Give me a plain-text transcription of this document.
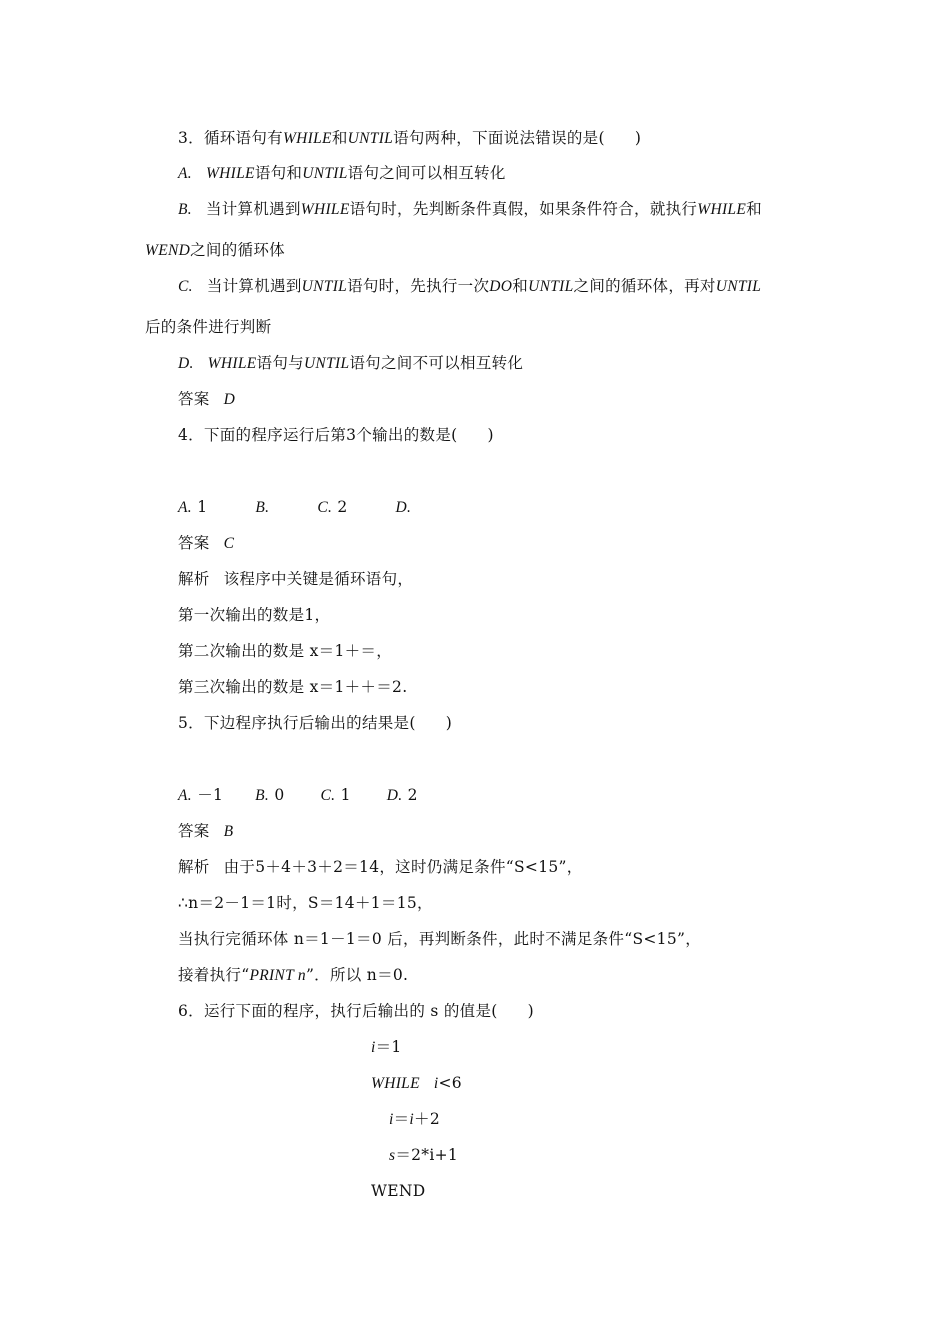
3．循环语句有WHILE和UNTIL语句两种，下面说法错误的是( )
A. WHILE语句和UNTIL语句之间可以相互转化
B. 当计算机遇到WHILE语句时，先判断条件真假，如果条件符合，就执行WHILE和
WEND之间的循环体
C. 当计算机遇到UNTIL语句时，先执行一次DO和UNTIL之间的循环体，再对UNTIL
后的条件进行判断
D. WHILE语句与UNTIL语句之间不可以相互转化
答案 D
4．下面的程序运行后第3个输出的数是( )
A. 1	B.	C. 2	D.
答案 C
解析 该程序中关键是循环语句，
第一次输出的数是1，
第二次输出的数是 x＝1＋＝，
第三次输出的数是 x＝1＋＋＝2.
5．下边程序执行后输出的结果是( )
A. －1 B. 0 C. 1 D. 2
答案 B
解析 由于5＋4＋3＋2＝14，这时仍满足条件“S<15”，
∴n＝2－1＝1时，S＝14＋1＝15，
当执行完循环体 n＝1－1＝0 后，再判断条件，此时不满足条件“S<15”，
接着执行“PRINT n”．所以 n＝0.
6．运行下面的程序，执行后输出的 s 的值是( )
i＝1
WHILE i<6
i＝i＋2
s＝2*i+1
WEND
